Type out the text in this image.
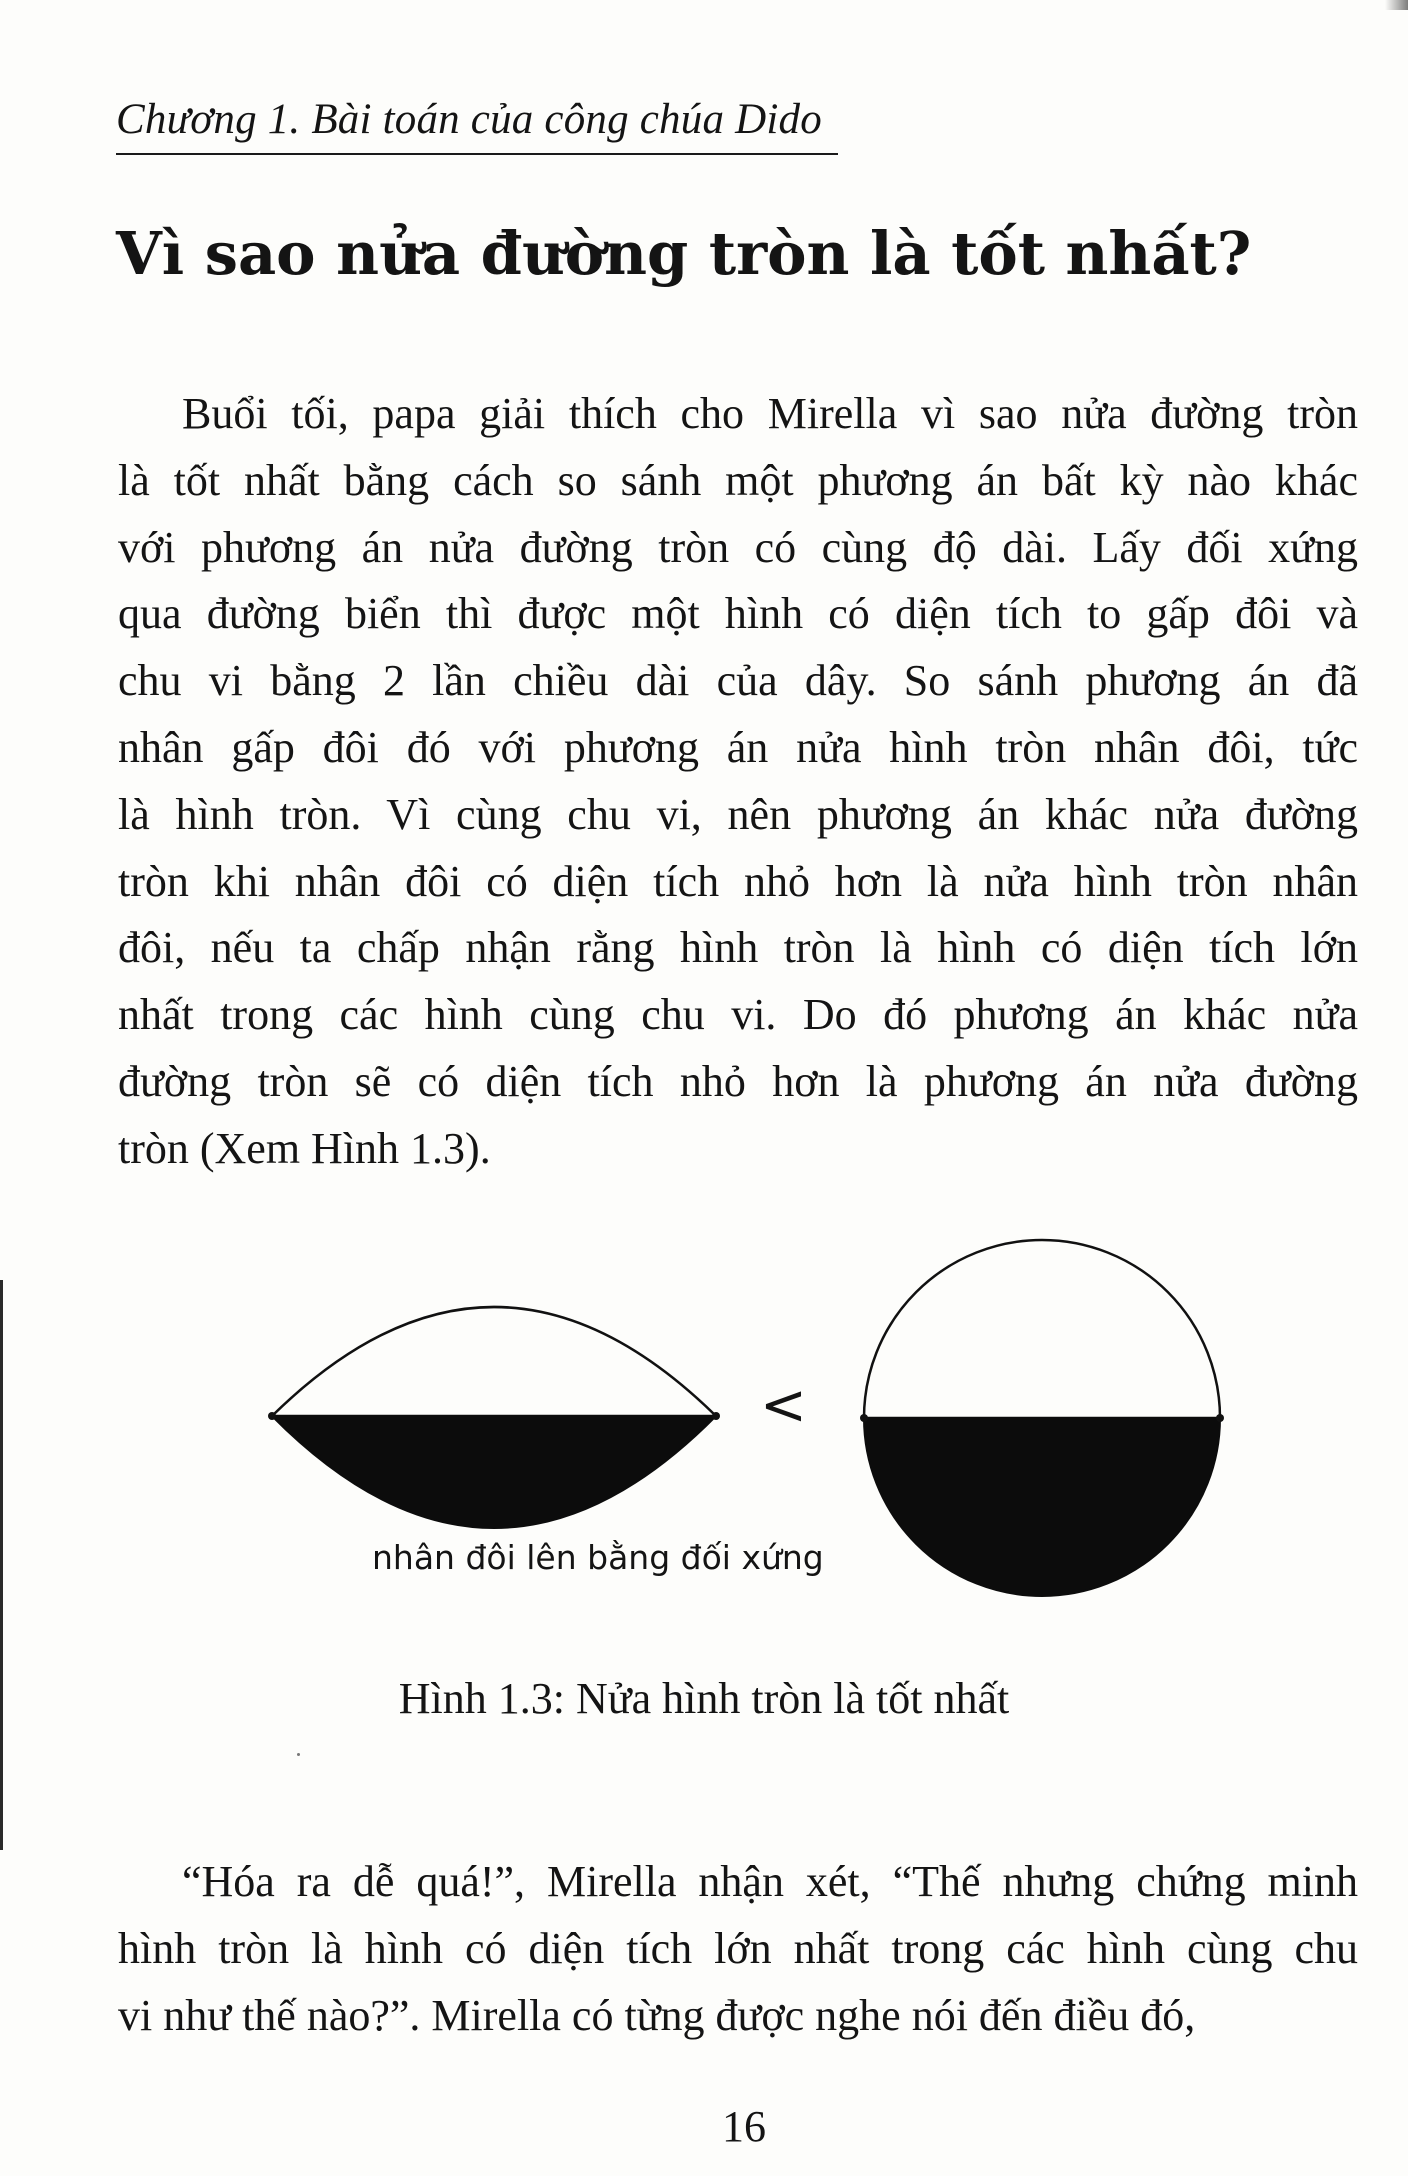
Chương 1. Bài toán của công chúa Dido
Vì sao nửa đường tròn là tốt nhất?
Buổi tối, papa giải thích cho Mirella vì sao nửa đường tròn
là tốt nhất bằng cách so sánh một phương án bất kỳ nào khác
với phương án nửa đường tròn có cùng độ dài. Lấy đối xứng
qua đường biển thì được một hình có diện tích to gấp đôi và
chu vi bằng 2 lần chiều dài của dây. So sánh phương án đã
nhân gấp đôi đó với phương án nửa hình tròn nhân đôi, tức
là hình tròn. Vì cùng chu vi, nên phương án khác nửa đường
tròn khi nhân đôi có diện tích nhỏ hơn là nửa hình tròn nhân
đôi, nếu ta chấp nhận rằng hình tròn là hình có diện tích lớn
nhất trong các hình cùng chu vi. Do đó phương án khác nửa
đường tròn sẽ có diện tích nhỏ hơn là phương án nửa đường
tròn (Xem Hình 1.3).
<
nhân đôi lên bằng đối xứng
Hình 1.3: Nửa hình tròn là tốt nhất
“Hóa ra dễ quá!”, Mirella nhận xét, “Thế nhưng chứng minh
hình tròn là hình có diện tích lớn nhất trong các hình cùng chu
vi như thế nào?”. Mirella có từng được nghe nói đến điều đó,
16
